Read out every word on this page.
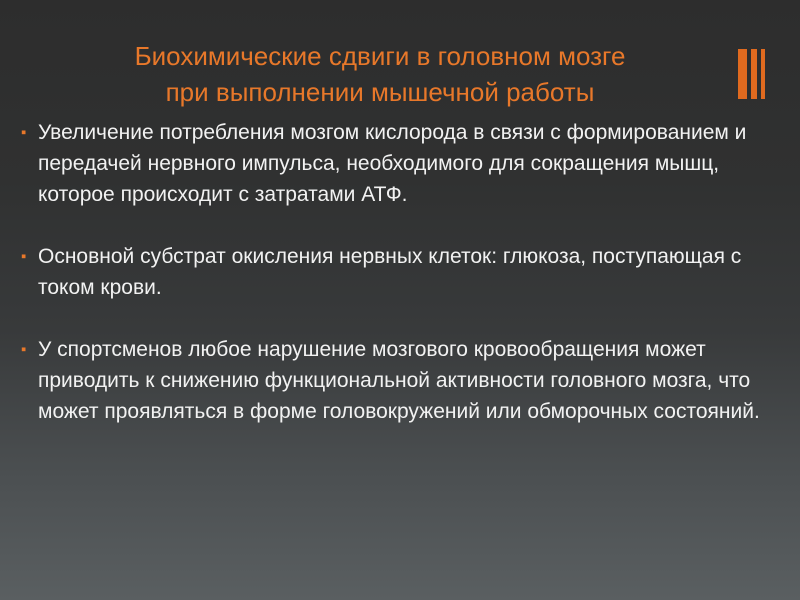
Биохимические сдвиги в головном мозге
при выполнении мышечной работы
▪ Увеличение потребления мозгом кислорода в связи с формированием и передачей нервного импульса, необходимого для сокращения мышц, которое происходит с затратами АТФ.
▪ Основной субстрат окисления нервных клеток: глюкоза, поступающая с током крови.
▪ У спортсменов любое нарушение мозгового кровообращения может приводить к снижению функциональной активности головного мозга, что может проявляться в форме головокружений или обморочных состояний.
